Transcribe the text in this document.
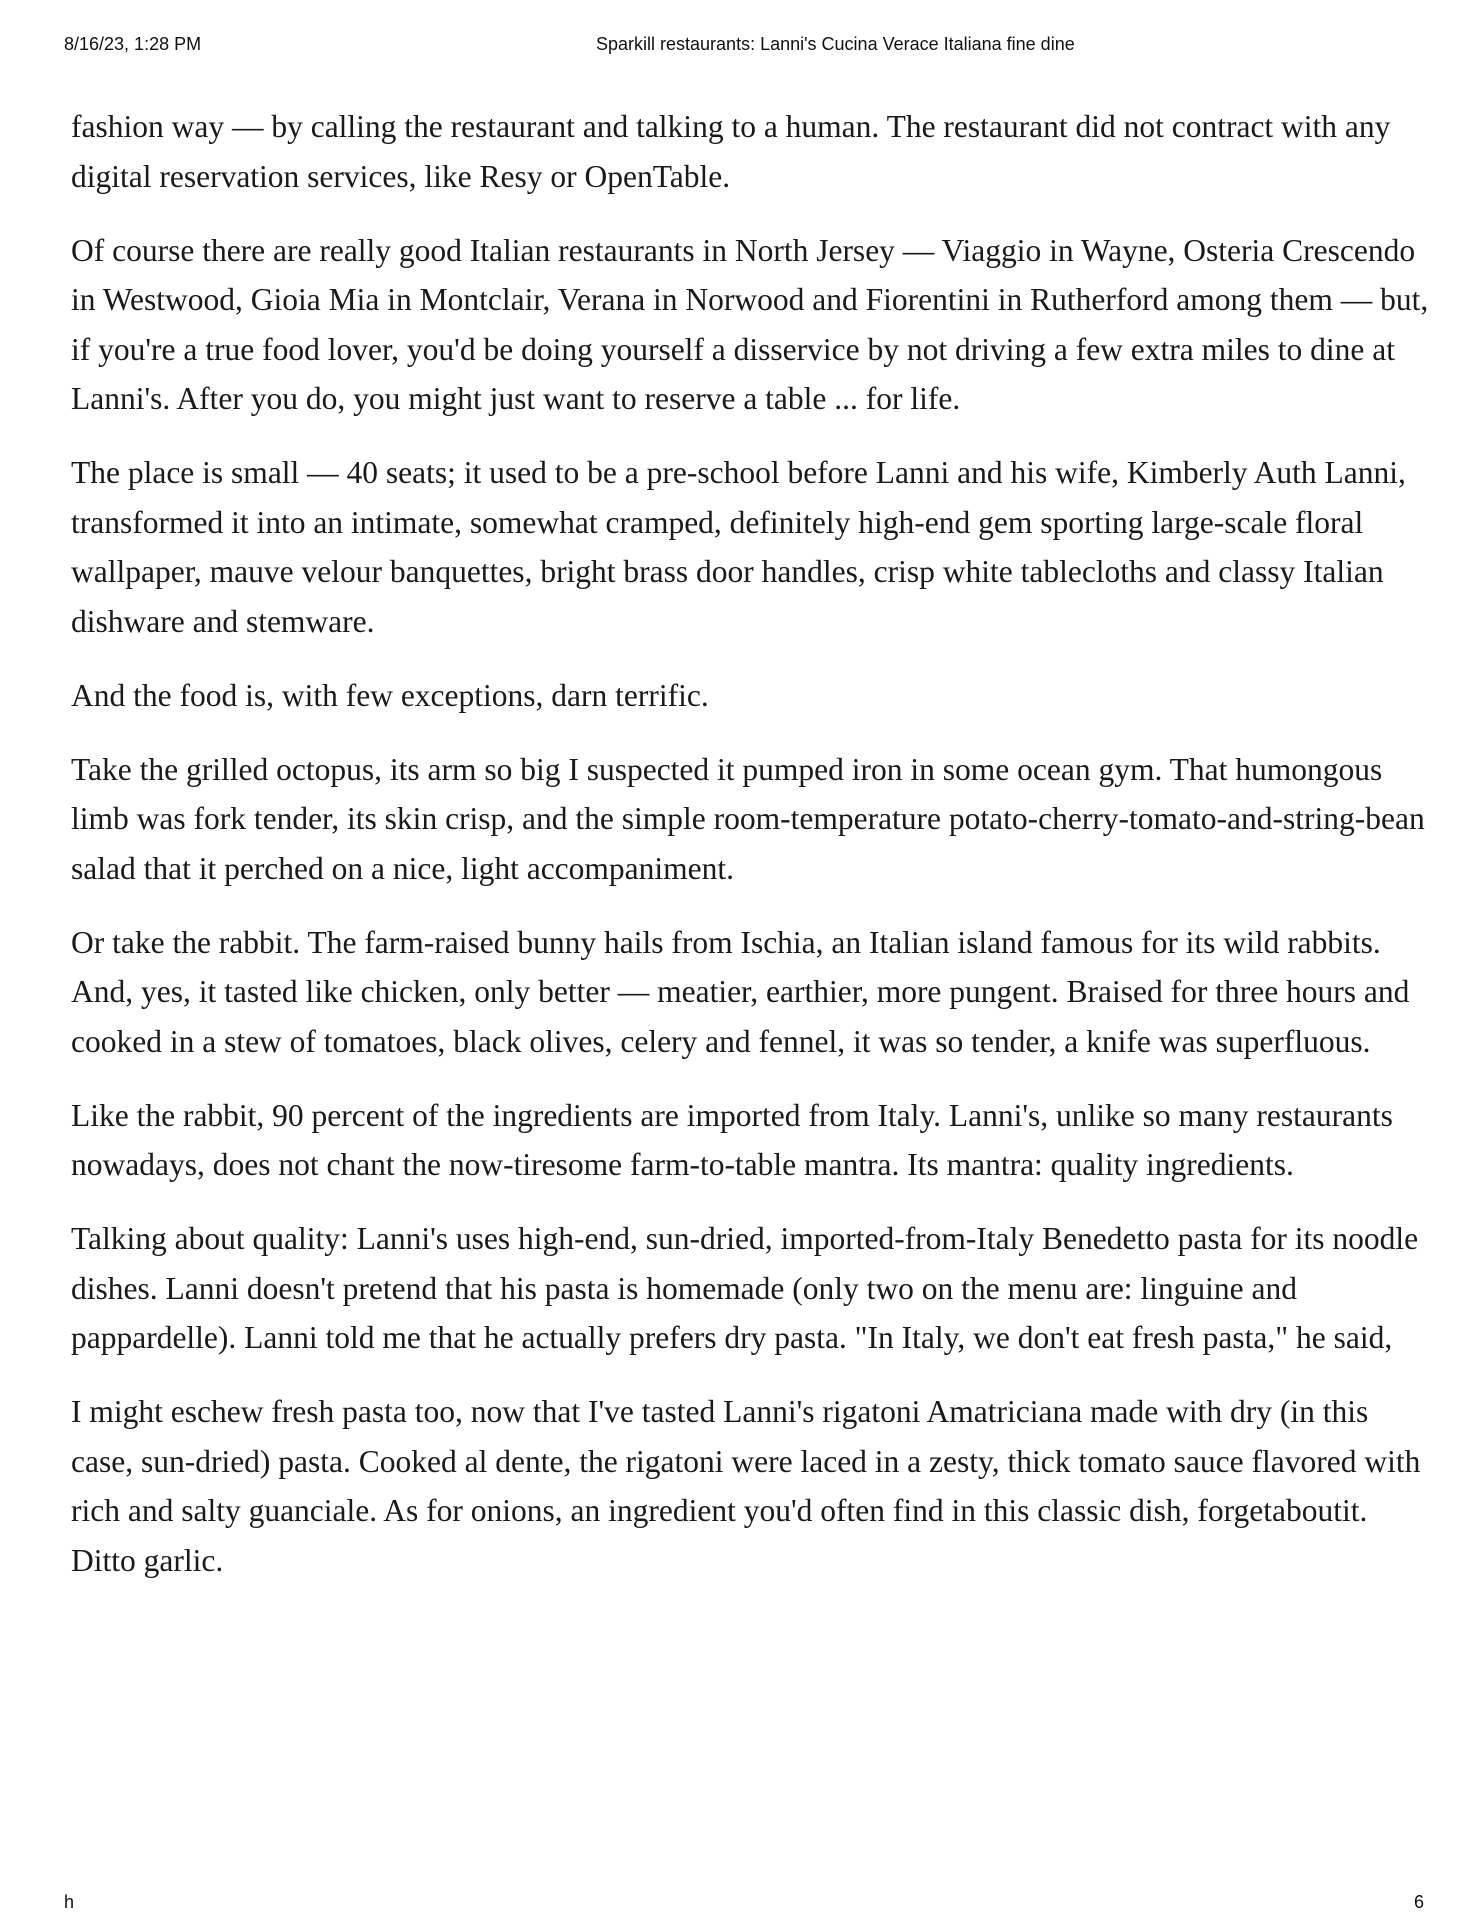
8/16/23, 1:28 PM	Sparkill restaurants: Lanni's Cucina Verace Italiana fine dine

fashion way — by calling the restaurant and talking to a human. The restaurant did not contract with any digital reservation services, like Resy or OpenTable.

Of course there are really good Italian restaurants in North Jersey — Viaggio in Wayne, Osteria Crescendo in Westwood, Gioia Mia in Montclair, Verana in Norwood and Fiorentini in Rutherford among them — but, if you're a true food lover, you'd be doing yourself a disservice by not driving a few extra miles to dine at Lanni's. After you do, you might just want to reserve a table ... for life.

The place is small — 40 seats; it used to be a pre-school before Lanni and his wife, Kimberly Auth Lanni, transformed it into an intimate, somewhat cramped, definitely high-end gem sporting large-scale floral wallpaper, mauve velour banquettes, bright brass door handles, crisp white tablecloths and classy Italian dishware and stemware.

And the food is, with few exceptions, darn terrific.

Take the grilled octopus, its arm so big I suspected it pumped iron in some ocean gym. That humongous limb was fork tender, its skin crisp, and the simple room-temperature potato-cherry-tomato-and-string-bean salad that it perched on a nice, light accompaniment.

Or take the rabbit. The farm-raised bunny hails from Ischia, an Italian island famous for its wild rabbits. And, yes, it tasted like chicken, only better — meatier, earthier, more pungent. Braised for three hours and cooked in a stew of tomatoes, black olives, celery and fennel, it was so tender, a knife was superfluous.

Like the rabbit, 90 percent of the ingredients are imported from Italy. Lanni's, unlike so many restaurants nowadays, does not chant the now-tiresome farm-to-table mantra. Its mantra: quality ingredients.

Talking about quality: Lanni's uses high-end, sun-dried, imported-from-Italy Benedetto pasta for its noodle dishes. Lanni doesn't pretend that his pasta is homemade (only two on the menu are: linguine and pappardelle). Lanni told me that he actually prefers dry pasta. "In Italy, we don't eat fresh pasta," he said,

I might eschew fresh pasta too, now that I've tasted Lanni's rigatoni Amatriciana made with dry (in this case, sun-dried) pasta. Cooked al dente, the rigatoni were laced in a zesty, thick tomato sauce flavored with rich and salty guanciale. As for onions, an ingredient you'd often find in this classic dish, forgetaboutit. Ditto garlic.

h	6
